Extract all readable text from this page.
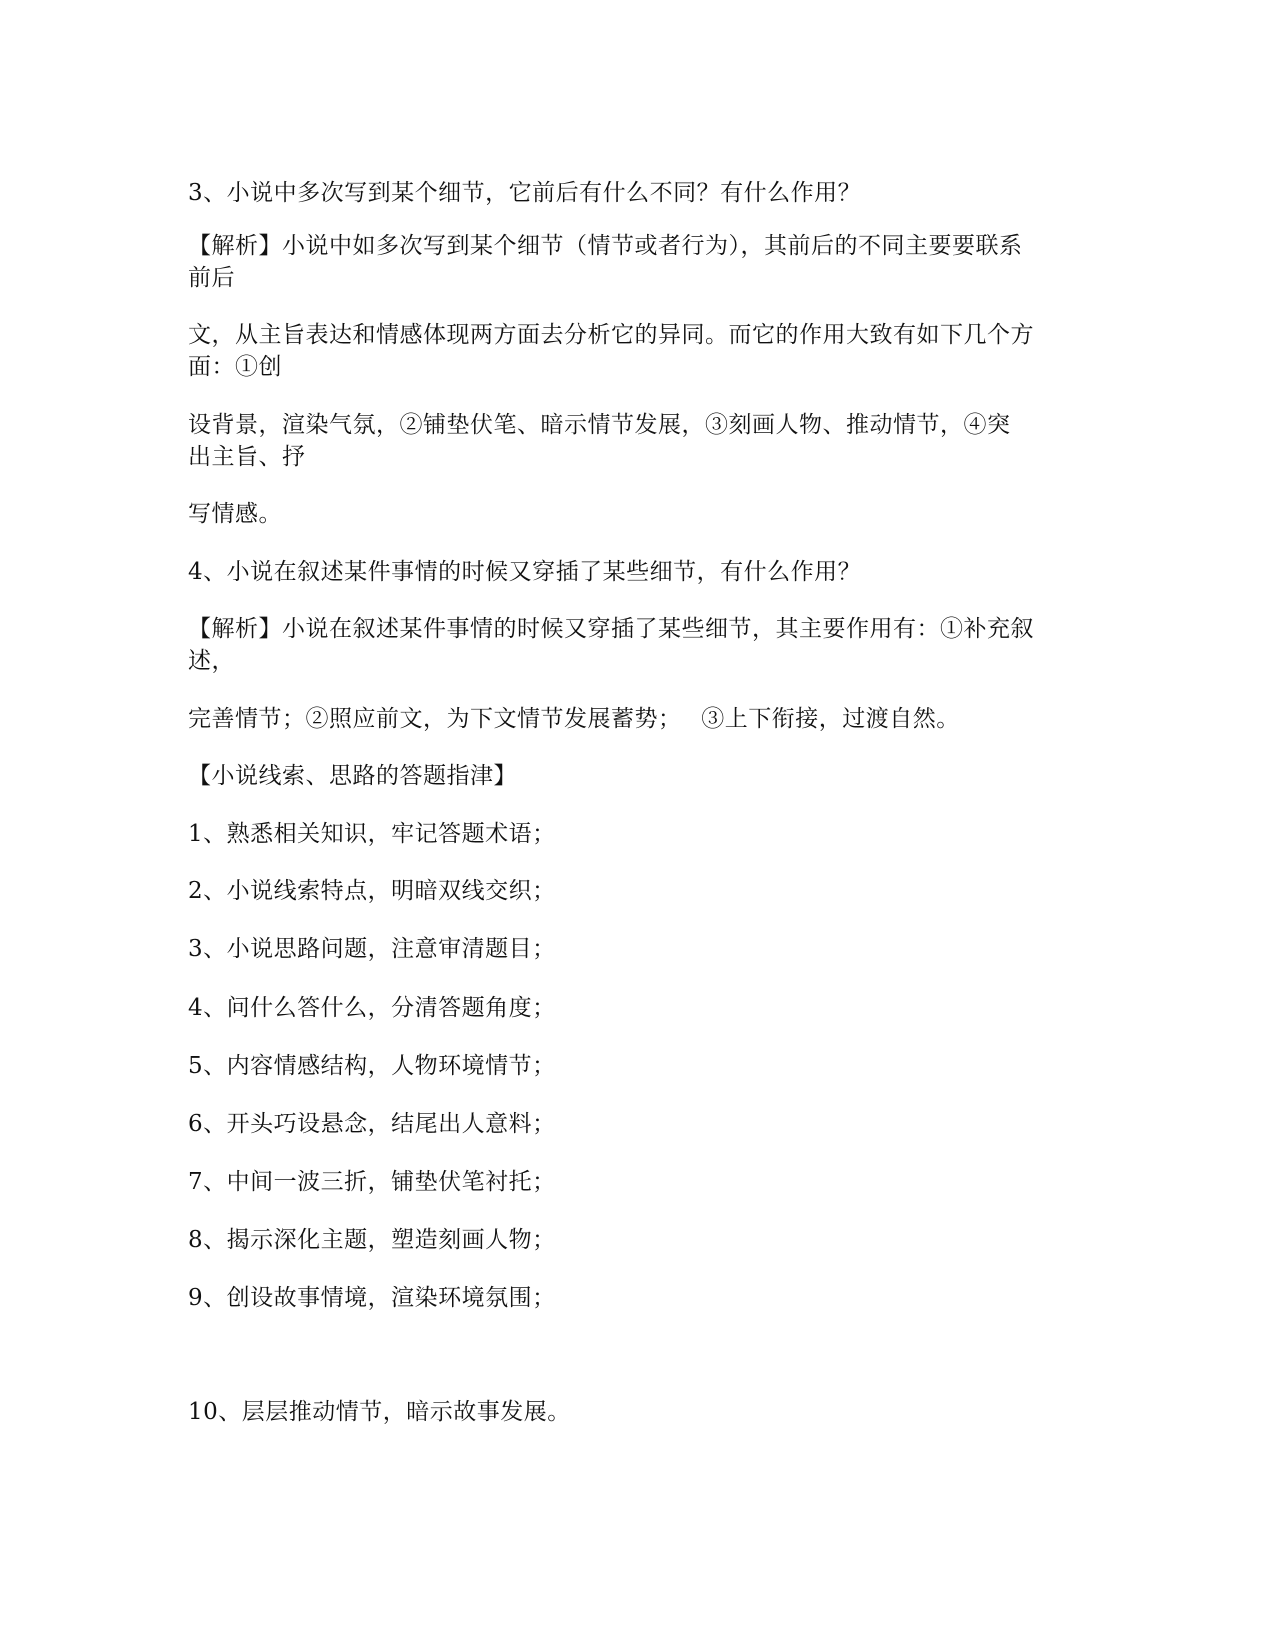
3、小说中多次写到某个细节，它前后有什么不同？有什么作用？
【解析】小说中如多次写到某个细节（情节或者行为），其前后的不同主要要联系
前后
文，从主旨表达和情感体现两方面去分析它的异同。而它的作用大致有如下几个方
面：①创
设背景，渲染气氛，②铺垫伏笔、暗示情节发展，③刻画人物、推动情节，④突
出主旨、抒
写情感。
4、小说在叙述某件事情的时候又穿插了某些细节，有什么作用？
【解析】小说在叙述某件事情的时候又穿插了某些细节，其主要作用有：①补充叙
述，
完善情节；②照应前文，为下文情节发展蓄势；　 ③上下衔接，过渡自然。
【小说线索、思路的答题指津】
1、熟悉相关知识，牢记答题术语；
2、小说线索特点，明暗双线交织；
3、小说思路问题，注意审清题目；
4、问什么答什么，分清答题角度；
5、内容情感结构，人物环境情节；
6、开头巧设悬念，结尾出人意料；
7、中间一波三折，铺垫伏笔衬托；
8、揭示深化主题，塑造刻画人物；
9、创设故事情境，渲染环境氛围；
10、层层推动情节，暗示故事发展。
